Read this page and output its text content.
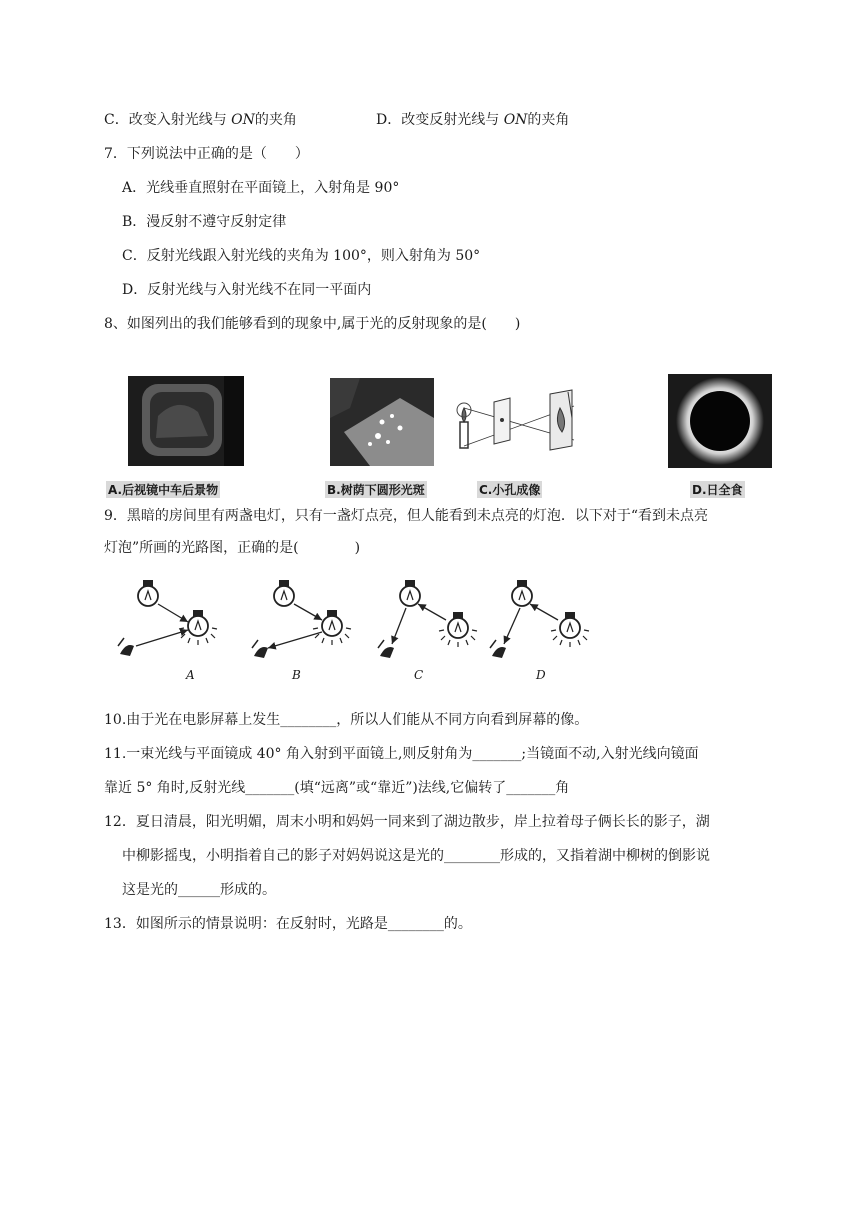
C．改变入射光线与 ON的夹角	D．改变反射光线与 ON的夹角
7．下列说法中正确的是（　　）
A．光线垂直照射在平面镜上，入射角是 90°
B．漫反射不遵守反射定律
C．反射光线跟入射光线的夹角为 100°，则入射角为 50°
D．反射光线与入射光线不在同一平面内
8、如图列出的我们能够看到的现象中,属于光的反射现象的是(　　)
A.后视镜中车后景物	B.树荫下圆形光斑	C.小孔成像	D.日全食
9．黑暗的房间里有两盏电灯，只有一盏灯点亮，但人能看到未点亮的灯泡．以下对于“看到未点亮
灯泡”所画的光路图，正确的是(　　　　)
A	B	C	D
10.由于光在电影屏幕上发生________，所以人们能从不同方向看到屏幕的像。
11.一束光线与平面镜成 40° 角入射到平面镜上,则反射角为_______;当镜面不动,入射光线向镜面
靠近 5° 角时,反射光线_______(填“远离”或“靠近”)法线,它偏转了_______角
12．夏日清晨，阳光明媚，周末小明和妈妈一同来到了湖边散步，岸上拉着母子俩长长的影子，湖
中柳影摇曳，小明指着自己的影子对妈妈说这是光的________形成的，又指着湖中柳树的倒影说
这是光的______形成的。
13．如图所示的情景说明：在反射时，光路是________的。
